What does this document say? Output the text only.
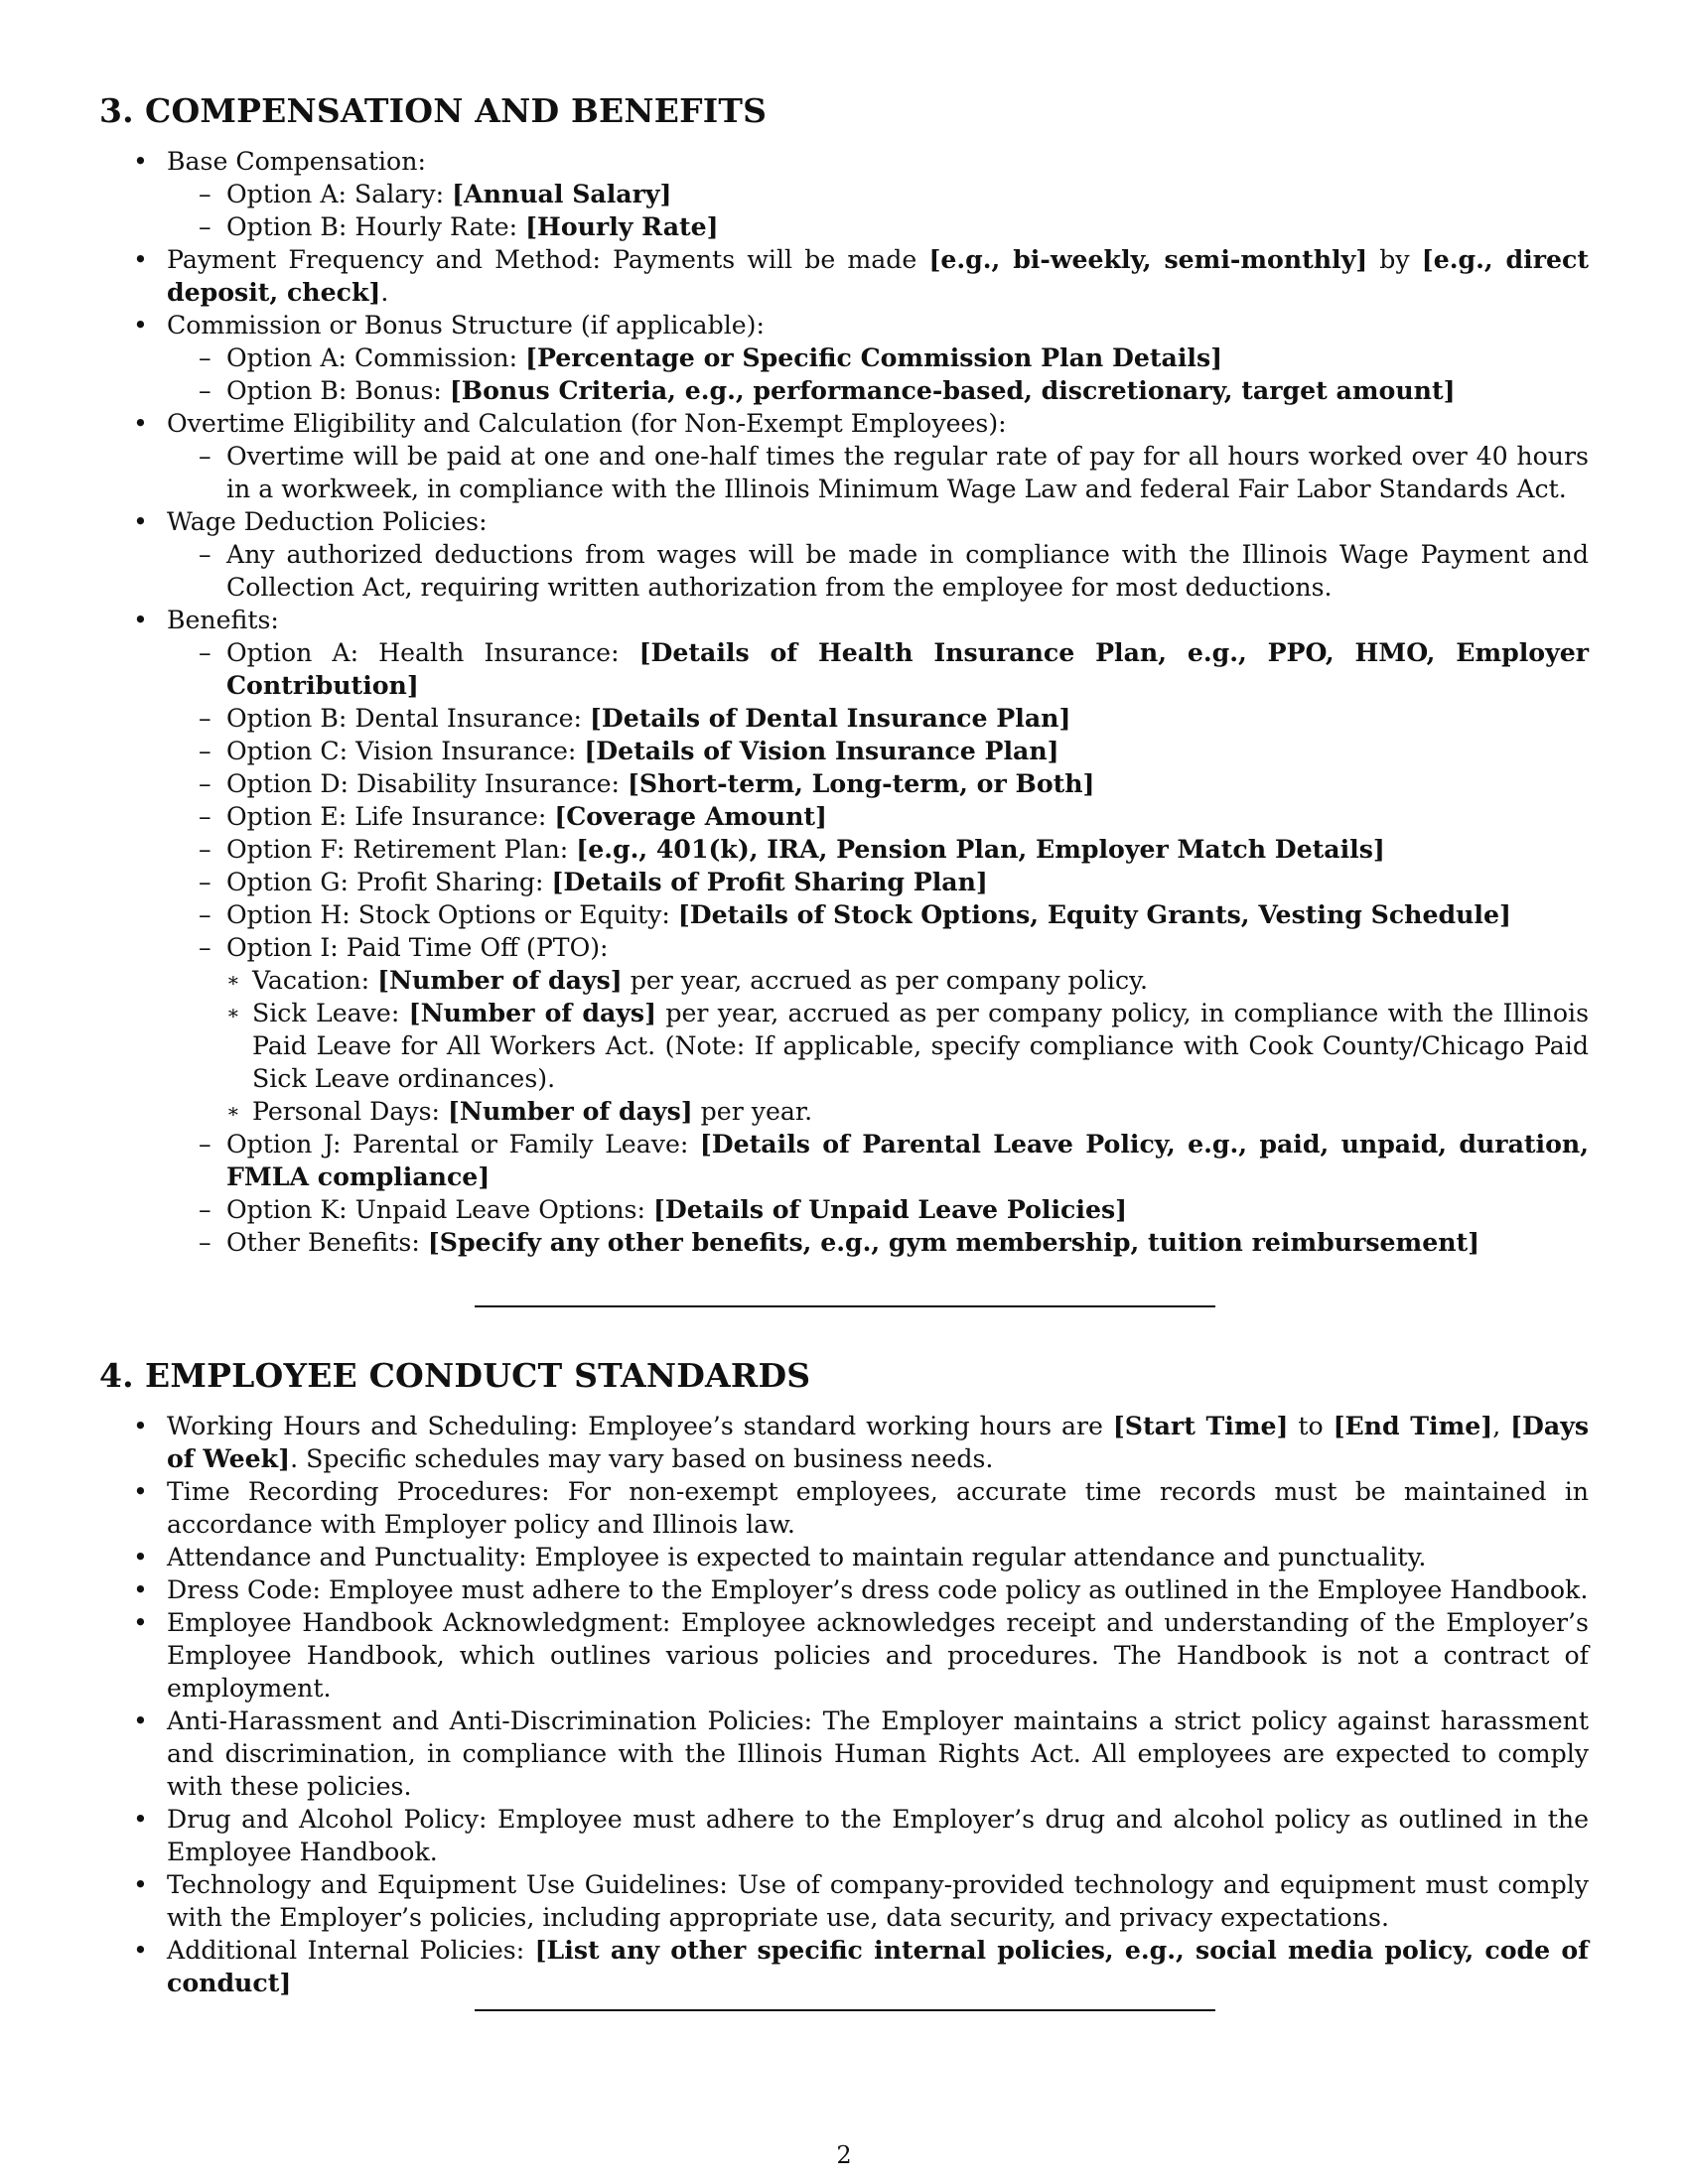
3. COMPENSATION AND BENEFITS
• Base Compensation:
– Option A: Salary: [Annual Salary]
– Option B: Hourly Rate: [Hourly Rate]
• Payment Frequency and Method: Payments will be made [e.g., bi-weekly, semi-monthly] by [e.g., direct deposit, check].
• Commission or Bonus Structure (if applicable):
– Option A: Commission: [Percentage or Specific Commission Plan Details]
– Option B: Bonus: [Bonus Criteria, e.g., performance-based, discretionary, target amount]
• Overtime Eligibility and Calculation (for Non-Exempt Employees):
– Overtime will be paid at one and one-half times the regular rate of pay for all hours worked over 40 hours in a workweek, in compliance with the Illinois Minimum Wage Law and federal Fair Labor Standards Act.
• Wage Deduction Policies:
– Any authorized deductions from wages will be made in compliance with the Illinois Wage Payment and Collection Act, requiring written authorization from the employee for most deductions.
• Benefits:
– Option A: Health Insurance: [Details of Health Insurance Plan, e.g., PPO, HMO, Employer Contribution]
– Option B: Dental Insurance: [Details of Dental Insurance Plan]
– Option C: Vision Insurance: [Details of Vision Insurance Plan]
– Option D: Disability Insurance: [Short-term, Long-term, or Both]
– Option E: Life Insurance: [Coverage Amount]
– Option F: Retirement Plan: [e.g., 401(k), IRA, Pension Plan, Employer Match Details]
– Option G: Profit Sharing: [Details of Profit Sharing Plan]
– Option H: Stock Options or Equity: [Details of Stock Options, Equity Grants, Vesting Schedule]
– Option I: Paid Time Off (PTO):
∗ Vacation: [Number of days] per year, accrued as per company policy.
∗ Sick Leave: [Number of days] per year, accrued as per company policy, in compliance with the Illinois Paid Leave for All Workers Act. (Note: If applicable, specify compliance with Cook County/Chicago Paid Sick Leave ordinances).
∗ Personal Days: [Number of days] per year.
– Option J: Parental or Family Leave: [Details of Parental Leave Policy, e.g., paid, unpaid, duration, FMLA compliance]
– Option K: Unpaid Leave Options: [Details of Unpaid Leave Policies]
– Other Benefits: [Specify any other benefits, e.g., gym membership, tuition reimbursement]
4. EMPLOYEE CONDUCT STANDARDS
• Working Hours and Scheduling: Employee’s standard working hours are [Start Time] to [End Time], [Days of Week]. Specific schedules may vary based on business needs.
• Time Recording Procedures: For non-exempt employees, accurate time records must be maintained in accordance with Employer policy and Illinois law.
• Attendance and Punctuality: Employee is expected to maintain regular attendance and punctuality.
• Dress Code: Employee must adhere to the Employer’s dress code policy as outlined in the Employee Handbook.
• Employee Handbook Acknowledgment: Employee acknowledges receipt and understanding of the Employer’s Employee Handbook, which outlines various policies and procedures. The Handbook is not a contract of employment.
• Anti-Harassment and Anti-Discrimination Policies: The Employer maintains a strict policy against harassment and discrimination, in compliance with the Illinois Human Rights Act. All employees are expected to comply with these policies.
• Drug and Alcohol Policy: Employee must adhere to the Employer’s drug and alcohol policy as outlined in the Employee Handbook.
• Technology and Equipment Use Guidelines: Use of company-provided technology and equipment must comply with the Employer’s policies, including appropriate use, data security, and privacy expectations.
• Additional Internal Policies: [List any other specific internal policies, e.g., social media policy, code of conduct]
2
